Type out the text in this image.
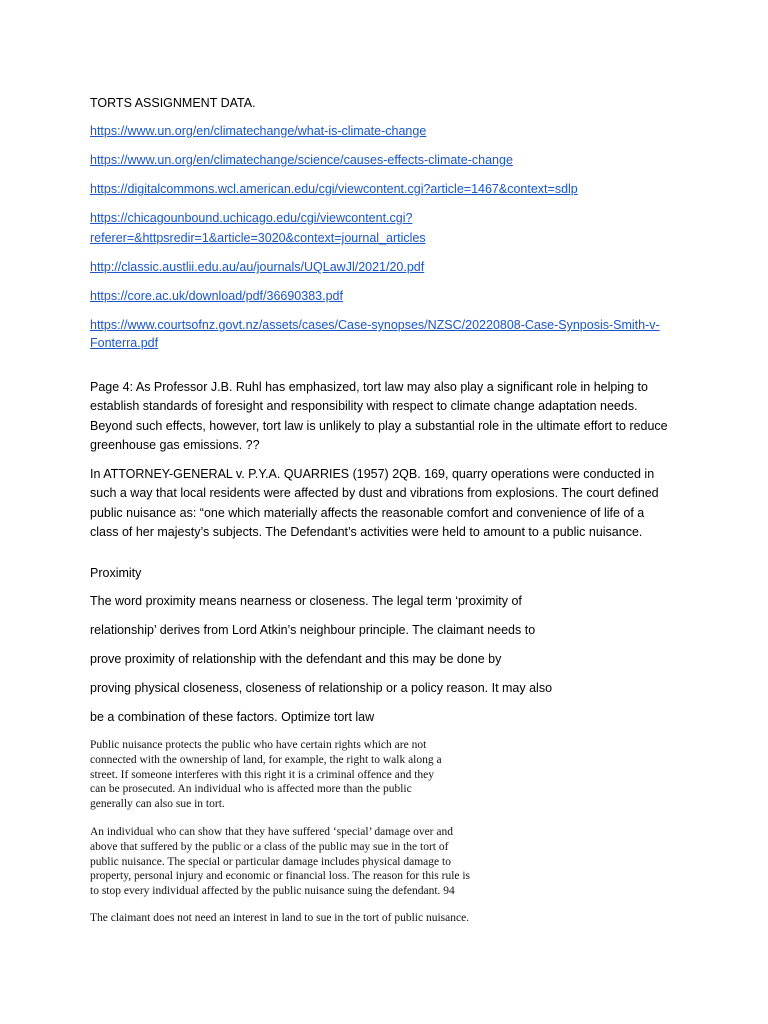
TORTS ASSIGNMENT DATA.
https://www.un.org/en/climatechange/what-is-climate-change
https://www.un.org/en/climatechange/science/causes-effects-climate-change
https://digitalcommons.wcl.american.edu/cgi/viewcontent.cgi?article=1467&context=sdlp
https://chicagounbound.uchicago.edu/cgi/viewcontent.cgi?
referer=&httpsredir=1&article=3020&context=journal_articles
http://classic.austlii.edu.au/au/journals/UQLawJl/2021/20.pdf
https://core.ac.uk/download/pdf/36690383.pdf
https://www.courtsofnz.govt.nz/assets/cases/Case-synopses/NZSC/20220808-Case-Synposis-Smith-v-
Fonterra.pdf

Page 4: As Professor J.B. Ruhl has emphasized, tort law may also play a significant role in helping to establish standards of foresight and responsibility with respect to climate change adaptation needs. Beyond such effects, however, tort law is unlikely to play a substantial role in the ultimate effort to reduce greenhouse gas emissions. ??

In ATTORNEY-GENERAL v. P.Y.A. QUARRIES (1957) 2QB. 169, quarry operations were conducted in such a way that local residents were affected by dust and vibrations from explosions. The court defined public nuisance as: “one which materially affects the reasonable comfort and convenience of life of a class of her majesty’s subjects. The Defendant’s activities were held to amount to a public nuisance.

Proximity
The word proximity means nearness or closeness. The legal term ‘proximity of
relationship’ derives from Lord Atkin’s neighbour principle. The claimant needs to
prove proximity of relationship with the defendant and this may be done by
proving physical closeness, closeness of relationship or a policy reason. It may also
be a combination of these factors. Optimize tort law
Public nuisance protects the public who have certain rights which are not
connected with the ownership of land, for example, the right to walk along a
street. If someone interferes with this right it is a criminal offence and they
can be prosecuted. An individual who is affected more than the public
generally can also sue in tort.
An individual who can show that they have suffered ‘special’ damage over and
above that suffered by the public or a class of the public may sue in the tort of
public nuisance. The special or particular damage includes physical damage to
property, personal injury and economic or financial loss. The reason for this rule is
to stop every individual affected by the public nuisance suing the defendant. 94
The claimant does not need an interest in land to sue in the tort of public nuisance.
